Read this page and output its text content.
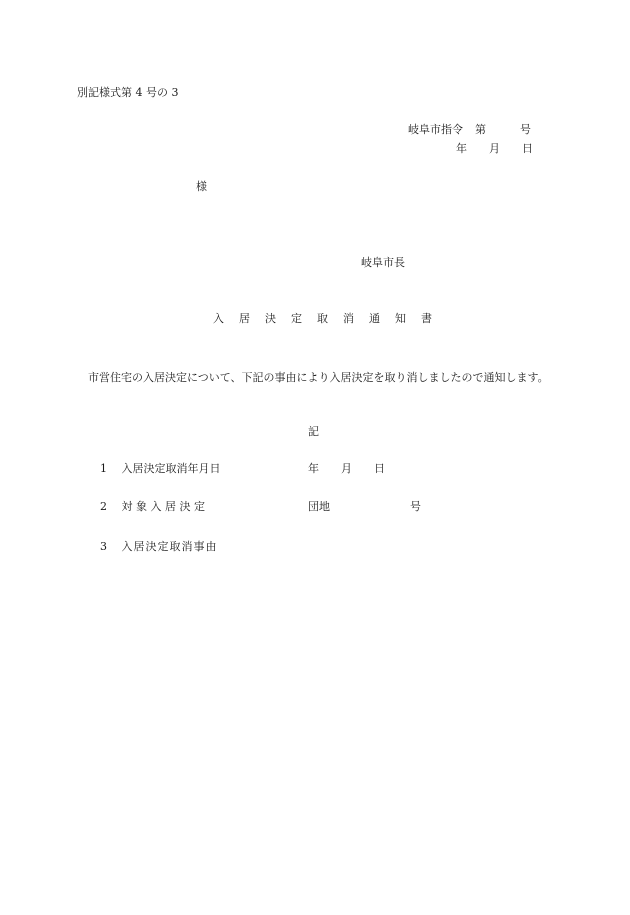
別記様式第 4 号の 3
岐阜市指令 第	号
年 月 日
様
岐阜市長
入 居 決 定 取 消 通 知 書
市営住宅の入居決定について、下記の事由により入居決定を取り消しましたので通知します。
記
1 入居決定取消年月日	年 月 日
2 対 象 入 居 決 定	団地	号
3 入居決定取消事由
